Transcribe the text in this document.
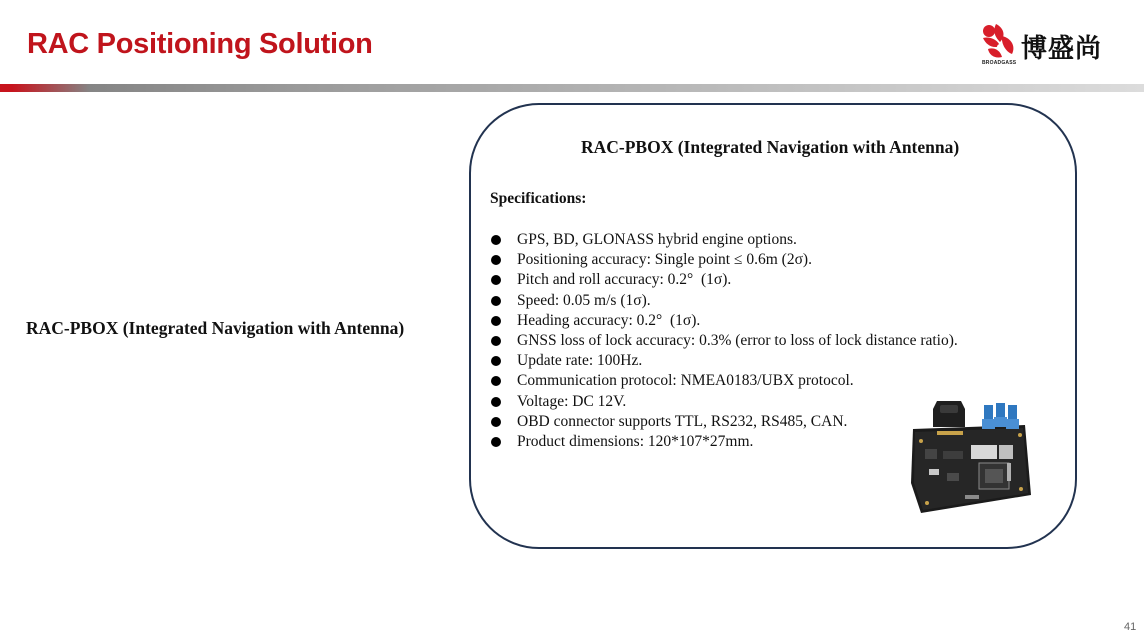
RAC Positioning Solution	博盛尚
BROADGASS
RAC-PBOX (Integrated Navigation with Antenna)
RAC-PBOX (Integrated Navigation with Antenna)
Specifications:
GPS, BD, GLONASS hybrid engine options.
Positioning accuracy: Single point ≤ 0.6m (2σ).
Pitch and roll accuracy: 0.2°  (1σ).
Speed: 0.05 m/s (1σ).
Heading accuracy: 0.2°  (1σ).
GNSS loss of lock accuracy: 0.3% (error to loss of lock distance ratio).
Update rate: 100Hz.
Communication protocol: NMEA0183/UBX protocol.
Voltage: DC 12V.
OBD connector supports TTL, RS232, RS485, CAN.
Product dimensions: 120*107*27mm.
41
